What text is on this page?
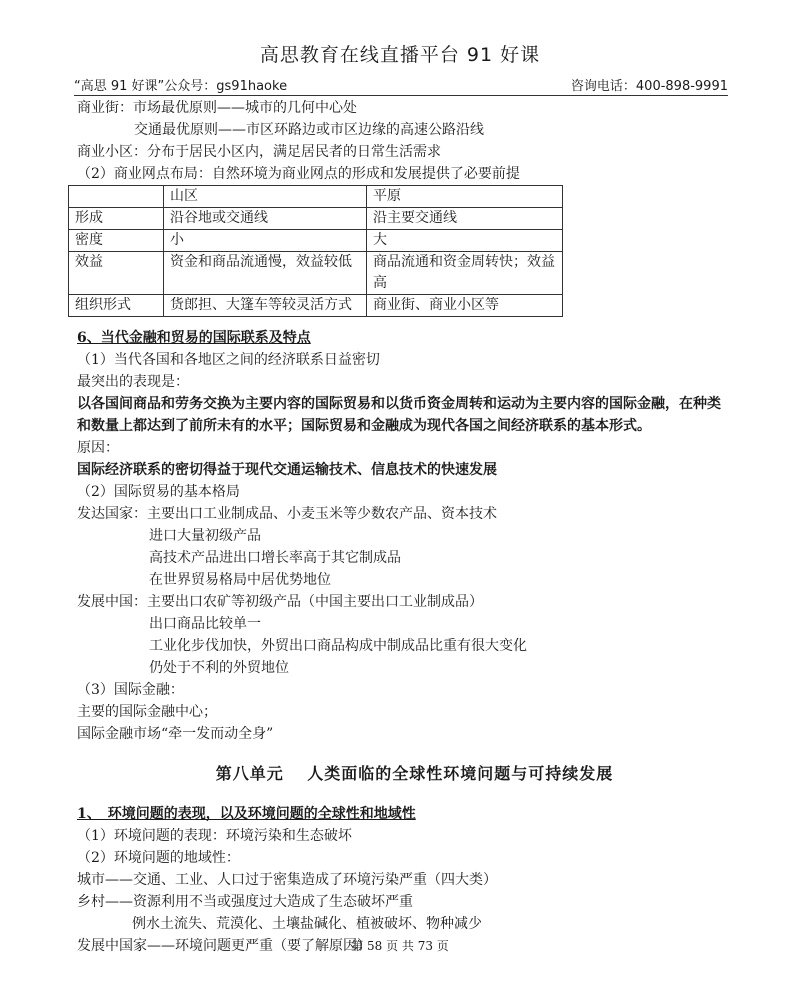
高思教育在线直播平台 91 好课
“高思 91 好课”公众号：gs91haoke	咨询电话：400-898-9991
商业街：市场最优原则——城市的几何中心处
交通最优原则——市区环路边或市区边缘的高速公路沿线
商业小区：分布于居民小区内，满足居民者的日常生活需求
（2）商业网点布局：自然环境为商业网点的形成和发展提供了必要前提
	山区	平原
形成	沿谷地或交通线	沿主要交通线
密度	小	大
效益	资金和商品流通慢，效益较低	商品流通和资金周转快；效益高
组织形式	货郎担、大篷车等较灵活方式	商业街、商业小区等
6、当代金融和贸易的国际联系及特点
（1）当代各国和各地区之间的经济联系日益密切
最突出的表现是：
以各国间商品和劳务交换为主要内容的国际贸易和以货币资金周转和运动为主要内容的国际金融，在种类和数量上都达到了前所未有的水平；国际贸易和金融成为现代各国之间经济联系的基本形式。
原因：
国际经济联系的密切得益于现代交通运输技术、信息技术的快速发展
（2）国际贸易的基本格局
发达国家：主要出口工业制成品、小麦玉米等少数农产品、资本技术
进口大量初级产品
高技术产品进出口增长率高于其它制成品
在世界贸易格局中居优势地位
发展中国：主要出口农矿等初级产品（中国主要出口工业制成品）
出口商品比较单一
工业化步伐加快，外贸出口商品构成中制成品比重有很大变化
仍处于不利的外贸地位
（3）国际金融：
主要的国际金融中心；
国际金融市场“牵一发而动全身”
第八单元　 人类面临的全球性环境问题与可持续发展
1、　环境问题的表现，以及环境问题的全球性和地域性
（1）环境问题的表现：环境污染和生态破坏
（2）环境问题的地域性：
城市——交通、工业、人口过于密集造成了环境污染严重（四大类）
乡村——资源利用不当或强度过大造成了生态破坏严重
例水土流失、荒漠化、土壤盐碱化、植被破坏、物种减少
发展中国家——环境问题更严重（要了解原因）
第 58 页 共 73 页
